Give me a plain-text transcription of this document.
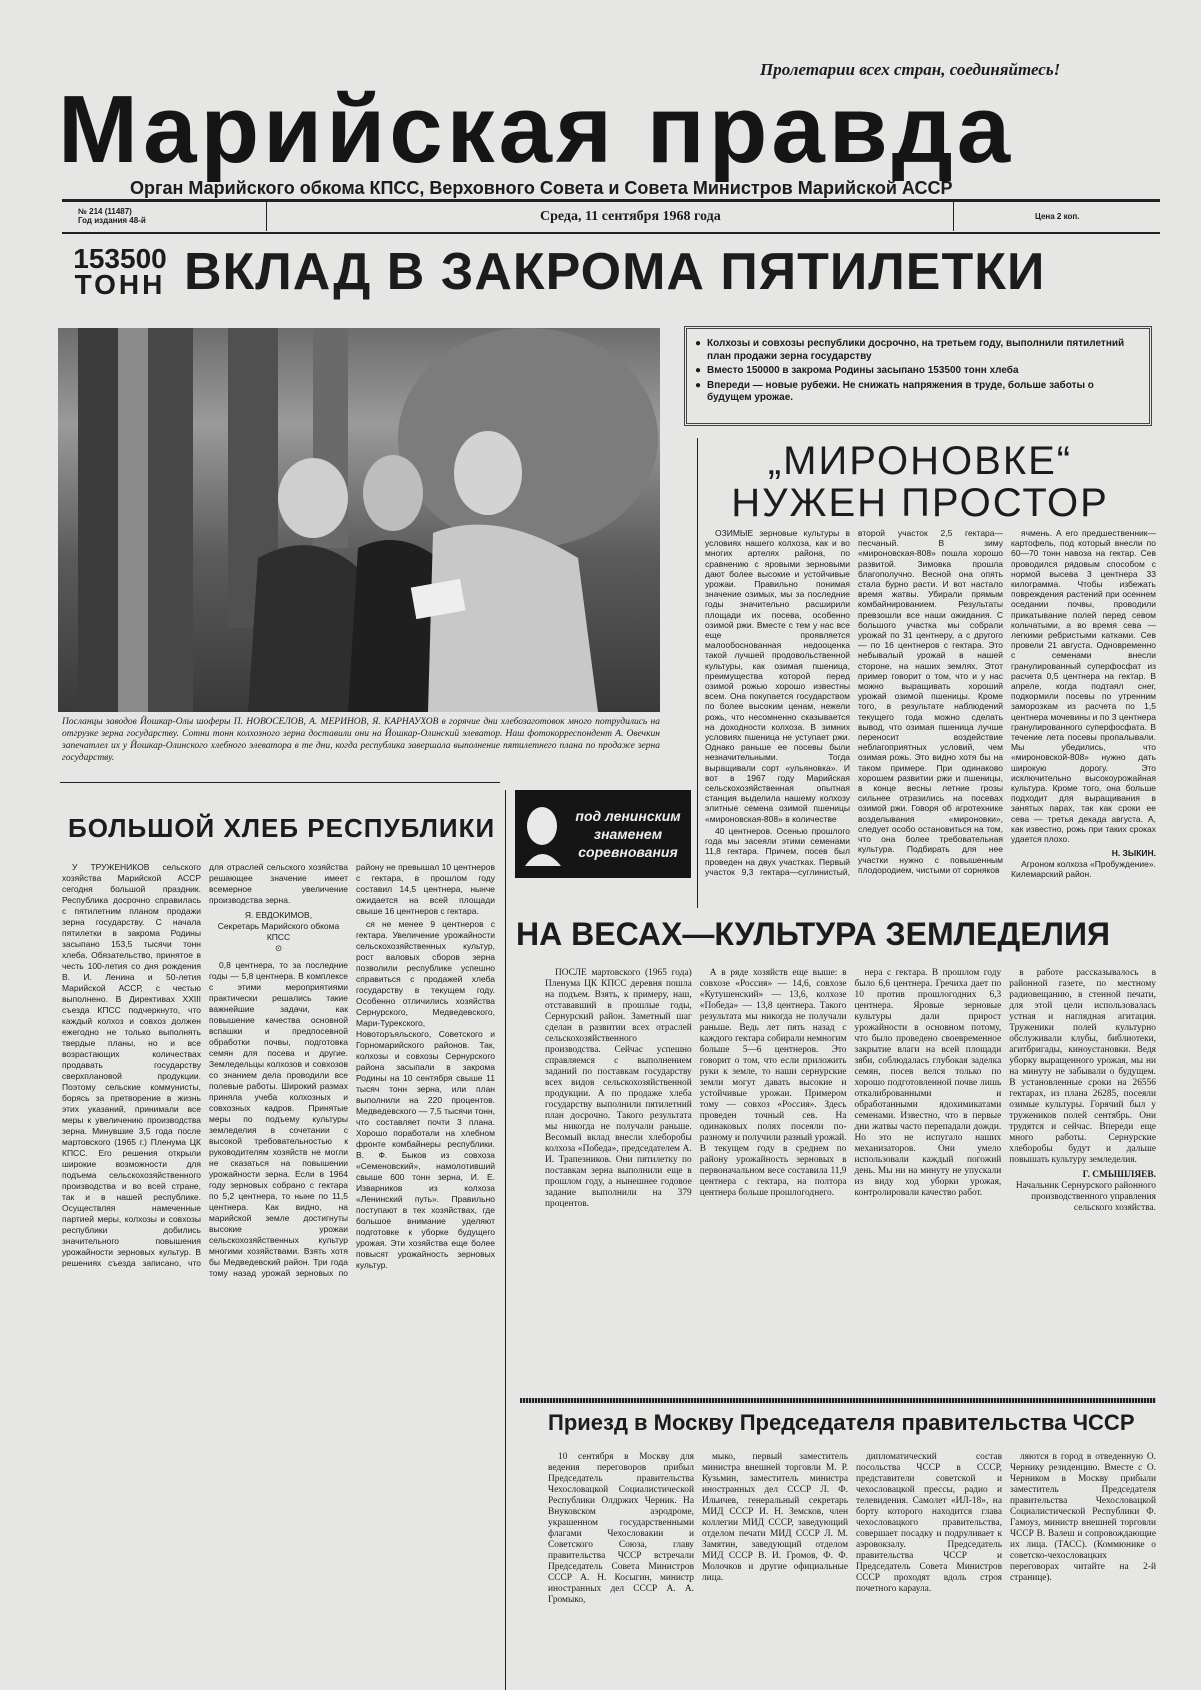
Пролетарии всех стран, соединяйтесь!
Марийская правда
Орган Марийского обкома КПСС, Верховного Совета и Совета Министров Марийской АССР
№ 214 (11487)
Год издания 48-й	Среда, 11 сентября 1968 года	Цена 2 коп.
153500
ТОНН ВКЛАД В ЗАКРОМА ПЯТИЛЕТКИ
Посланцы заводов Йошкар-Олы шоферы П. НОВОСЕЛОВ, А. МЕРИНОВ, Я. КАРНАУХОВ в горячие дни хлебозаготовок много потрудились на отгрузке зерна государству. Сотни тонн колхозного зерна доставили они на Йошкар-Олинский элеватор. Наш фотокорреспондент А. Овечкин запечатлел их у Йошкар-Олинского хлебного элеватора в те дни, когда республика завершала выполнение пятилетнего плана по продаже зерна государству.
● Колхозы и совхозы республики досрочно, на третьем году, выполнили пятилетний план продажи зерна государству
● Вместо 150000 в закрома Родины засыпано 153500 тонн хлеба
● Впереди — новые рубежи. Не снижать напряжения в труде, больше заботы о будущем урожае.
„МИРОНОВКЕ“
НУЖЕН ПРОСТОР

ОЗИМЫЕ зерновые культуры в условиях нашего колхоза, как и во многих артелях района, по сравнению с яровыми зерновыми дают более высокие и устойчивые урожаи. Правильно понимая значение озимых, мы за последние годы значительно расширили площади их посева, особенно озимой ржи. Вместе с тем у нас все еще проявляется малообоснованная недооценка такой лучшей продовольственной культуры, как озимая пшеница, преимущества которой перед озимой рожью хорошо известны всем. Она покупается государством по более высоким ценам, нежели рожь, что несомненно сказывается на доходности колхоза. В зимних условиях пшеница не уступает ржи. Однако раньше ее посевы были незначительными. Тогда выращивали сорт «ульяновка». И вот в 1967 году Марийская сельскохозяйственная опытная станция выделила нашему колхозу элитные семена озимой пшеницы «мироновская-808» в количестве

40 центнеров. Осенью прошлого года мы засеяли этими семенами 11,8 гектара. Причем, посев был проведен на двух участках. Первый участок 9,3 гектара—суглинистый, второй участок 2,5 гектара—песчаный. В зиму «мироновская-808» пошла хорошо развитой. Зимовка прошла благополучно. Весной она опять стала бурно расти. И вот настало время жатвы. Убирали прямым комбайнированием. Результаты превзошли все наши ожидания. С большого участка мы собрали урожай по 31 центнеру, а с другого — по 16 центнеров с гектара. Это небывалый урожай в нашей стороне, на наших землях. Этот пример говорит о том, что и у нас можно выращивать хороший урожай озимой пшеницы. Кроме того, в результате наблюдений текущего года можно сделать вывод, что озимая пшеница лучше переносит воздействие неблагоприятных условий, чем озимая рожь. Это видно хотя бы на таком примере. При одинаково хорошем развитии ржи и пшеницы, в конце весны летние грозы сильнее отразились на посевах озимой ржи. Говоря об агротехнике возделывания «мироновки», следует особо остановиться на том, что она более требовательная культура. Подбирать для нее участки нужно с повышенным плодородием, чистыми от сорняков

ячмень. А его предшественник—картофель, под который внесли по 60—70 тонн навоза на гектар. Сев проводился рядовым способом с нормой высева 3 центнера 33 килограмма. Чтобы избежать повреждения растений при осеннем оседании почвы, проводили прикатывание полей перед севом кольчатыми, а во время сева — легкими ребристыми катками. Сев провели 21 августа. Одновременно с семенами внесли гранулированный суперфосфат из расчета 0,5 центнера на гектар. В апреле, когда подтаял снег, подкормили посевы по утренним заморозкам из расчета по 1,5 центнера мочевины и по 3 центнера гранулированного суперфосфата. В течение лета посевы пропалывали. Мы убедились, что «мироновской-808» нужно дать широкую дорогу. Это исключительно высокоурожайная культура. Кроме того, она больше подходит для выращивания в занятых парах, так как сроки ее сева — третья декада августа. А, как известно, рожь при таких сроках удается плохо.

Н. ЗЫКИН.
Агроном колхоза «Пробуждение».
Килемарский район.
БОЛЬШОЙ ХЛЕБ РЕСПУБЛИКИ

У ТРУЖЕНИКОВ сельского хозяйства Марийской АССР сегодня большой праздник. Республика досрочно справилась с пятилетним планом продажи зерна государству. С начала пятилетки в закрома Родины засыпано 153,5 тысячи тонн хлеба. Обязательство, принятое в честь 100-летия со дня рождения В. И. Ленина и 50-летия Марийской АССР, с честью выполнено. В Директивах XXIII съезда КПСС подчеркнуто, что каждый колхоз и совхоз должен ежегодно не только выполнять твердые планы, но и все возрастающих количествах продавать государству сверхплановой продукции. Поэтому сельские коммунисты, борясь за претворение в жизнь этих указаний, принимали все меры к увеличению производства зерна. Минувшие 3,5 года после мартовского (1965 г.) Пленума ЦК КПСС. Его решения открыли широкие возможности для подъема сельскохозяйственного производства и во всей стране, так и в нашей республике. Осуществляя намеченные партией меры, колхозы и совхозы республики добились значительного повышения урожайности зерновых культур. В решениях съезда записано, что для отраслей сельского хозяйства решающее значение имеет всемерное увеличение производства зерна.

Я. ЕВДОКИМОВ,
Секретарь Марийского обкома КПСС
⊙

0,8 центнера, то за последние годы — 5,8 центнера. В комплексе с этими мероприятиями практически решались такие важнейшие задачи, как повышение качества основной вспашки и предпосевной обработки почвы, подготовка семян для посева и другие. Земледельцы колхозов и совхозов со знанием дела проводили все полевые работы. Широкий размах приняла учеба колхозных и совхозных кадров. Принятые меры по подъему культуры земледелия в сочетании с высокой требовательностью к руководителям хозяйств не могли не сказаться на повышении урожайности зерна. Если в 1964 году зерновых собрано с гектара по 5,2 центнера, то ныне по 11,5 центнера. Как видно, на марийской земле достигнуты высокие урожаи сельскохозяйственных культур многими хозяйствами. Взять хотя бы Медведевский район. Три года тому назад урожай зерновых по району не превышал 10 центнеров с гектара, в прошлом году составил 14,5 центнера, нынче ожидается на всей площади свыше 16 центнеров с гектара.

ся не менее 9 центнеров с гектара. Увеличение урожайности сельскохозяйственных культур, рост валовых сборов зерна позволили республике успешно справиться с продажей хлеба государству в текущем году. Особенно отличились хозяйства Сернурского, Медведевского, Мари-Турекского, Новоторъяльского, Советского и Горномарийского районов. Так, колхозы и совхозы Сернурского района засыпали в закрома Родины на 10 сентября свыше 11 тысяч тонн зерна, или план выполнили на 220 процентов. Медведевского — 7,5 тысячи тонн, что составляет почти 3 плана. Хорошо поработали на хлебном фронте комбайнеры республики. В. Ф. Быков из совхоза «Семеновский», намолотивший свыше 600 тонн зерна, И. Е. Изварников из колхоза «Ленинский путь». Правильно поступают в тех хозяйствах, где большое внимание уделяют подготовке к уборке будущего урожая. Эти хозяйства еще более повысят урожайность зерновых культур.

под ленинским
знаменем
соревнования
НА ВЕСАХ—КУЛЬТУРА ЗЕМЛЕДЕЛИЯ

ПОСЛЕ мартовского (1965 года) Пленума ЦК КПСС деревня пошла на подъем. Взять, к примеру, наш, отстававший в прошлые годы, Сернурский район. Заметный шаг сделан в развитии всех отраслей сельскохозяйственного производства. Сейчас успешно справляемся с выполнением заданий по поставкам государству всех видов сельскохозяйственной продукции. А по продаже хлеба государству выполнили пятилетний план досрочно. Такого результата мы никогда не получали раньше. Весомый вклад внесли хлеборобы колхоза «Победа», председателем А. И. Трапезников. Они пятилетку по поставкам зерна выполнили еще в прошлом году, а нынешнее годовое задание выполнили на 379 процентов.

А в ряде хозяйств еще выше: в совхозе «Россия» — 14,6, совхозе «Кутушенский» — 13,6, колхозе «Победа» — 13,8 центнера. Такого результата мы никогда не получали раньше. Ведь лет пять назад с каждого гектара собирали немногим больше 5—6 центнеров. Это говорит о том, что если приложить руки к земле, то наши сернурские земли могут давать высокие и устойчивые урожаи. Примером тому — совхоз «Россия». Здесь проведен точный сев. На одинаковых полях посеяли по-разному и получили разный урожай. В текущем году в среднем по району урожайность зерновых в первоначальном весе составила 11,9 центнера с гектара, на полтора центнера больше прошлогоднего.

нера с гектара. В прошлом году было 6,6 центнера. Гречиха дает по 10 против прошлогодних 6,3 центнера. Яровые зерновые культуры дали прирост урожайности в основном потому, что было проведено своевременное закрытие влаги на всей площади зяби, соблюдалась глубокая заделка семян, посев велся только по хорошо подготовленной почве лишь откалиброванными и обработанными ядохимикатами семенами. Известно, что в первые дни жатвы часто перепадали дожди. Но это не испугало наших механизаторов. Они умело использовали каждый погожий день. Мы ни на минуту не упускали из виду ход уборки урожая, контролировали качество работ.

в работе рассказывалось в районной газете, по местному радиовещанию, в стенной печати, для этой цели использовалась устная и наглядная агитация. Труженики полей культурно обслуживали клубы, библиотеки, агитбригады, киноустановки. Ведя уборку выращенного урожая, мы ни на минуту не забывали о будущем. В установленные сроки на 26556 гектарах, из плана 26285, посеяли озимые культуры. Горячий был у тружеников полей сентябрь. Они трудятся и сейчас. Впереди еще много работы. Сернурские хлеборобы будут и дальше повышать культуру земледелия.

Г. СМЫШЛЯЕВ.
Начальник Сернурского районного производственного управления сельского хозяйства.
Приезд в Москву Председателя правительства ЧССР

10 сентября в Москву для ведения переговоров прибыл Председатель правительства Чехословацкой Социалистической Республики Олдржих Черник. На Внуковском аэродроме, украшенном государственными флагами Чехословакии и Советского Союза, главу правительства ЧССР встречали Председатель Совета Министров СССР А. Н. Косыгин, министр иностранных дел СССР А. А. Громыко,

мыко, первый заместитель министра внешней торговли М. Р. Кузьмин, заместитель министра иностранных дел СССР Л. Ф. Ильичев, генеральный секретарь МИД СССР И. Н. Земсков, член коллегии МИД СССР, заведующий отделом печати МИД СССР Л. М. Замятин, заведующий отделом МИД СССР В. И. Громов, Ф. Ф. Молочков и другие официальные лица.

дипломатический состав посольства ЧССР в СССР, представители советской и чехословацкой прессы, радио и телевидения. Самолет «ИЛ-18», на борту которого находится глава чехословацкого правительства, совершает посадку и подруливает к аэровокзалу. Председатель правительства ЧССР и Председатель Совета Министров СССР проходят вдоль строя почетного караула.

ляются в город в отведенную О. Чернику резиденцию. Вместе с О. Черником в Москву прибыли заместитель Председателя правительства Чехословацкой Социалистической Республики Ф. Гамоуз, министр внешней торговли ЧССР В. Валеш и сопровождающие их лица. (ТАСС). (Коммюнике о советско-чехословацких переговорах читайте на 2-й странице).
